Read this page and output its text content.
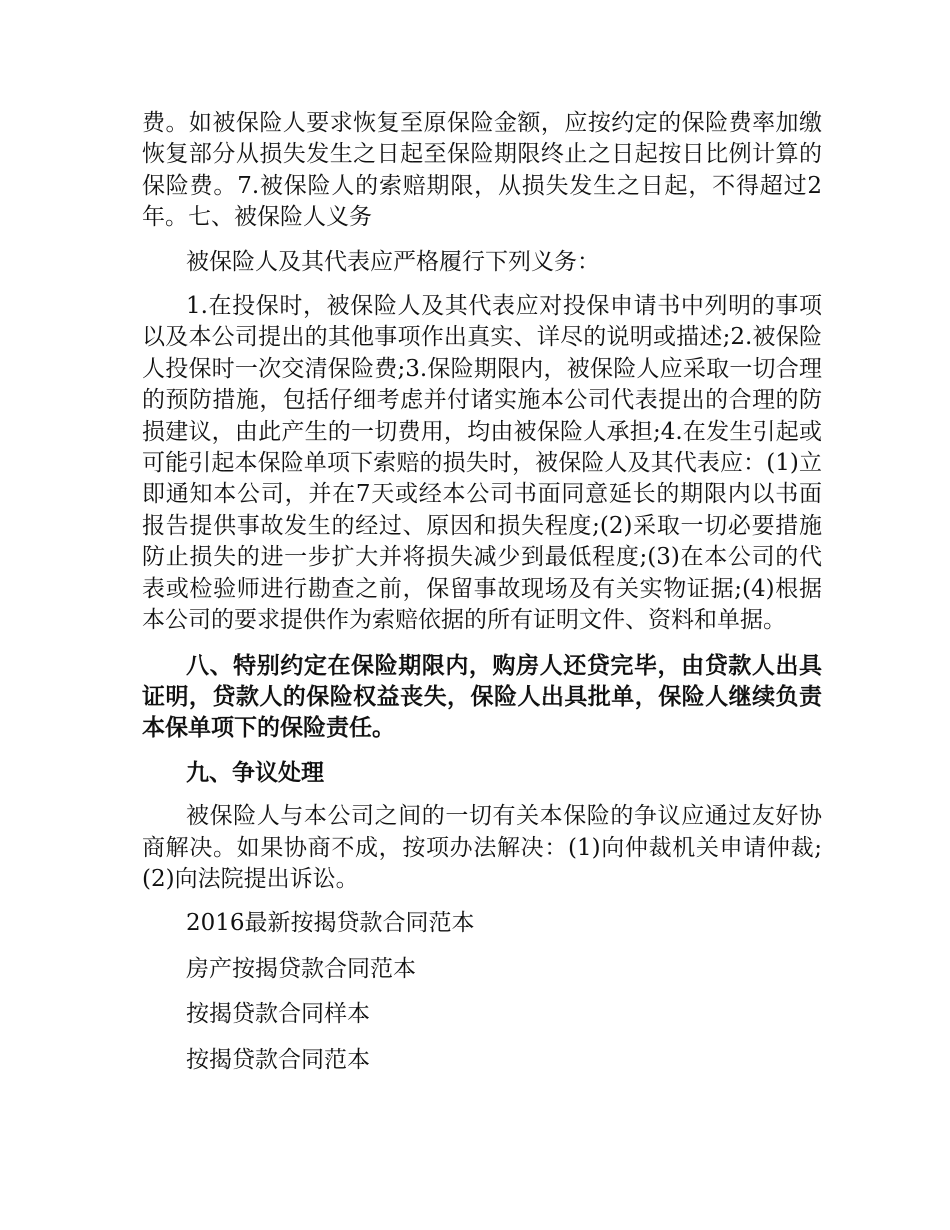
费。如被保险人要求恢复至原保险金额，应按约定的保险费率加缴恢复部分从损失发生之日起至保险期限终止之日起按日比例计算的保险费。7.被保险人的索赔期限，从损失发生之日起，不得超过2年。七、被保险人义务

被保险人及其代表应严格履行下列义务：

1.在投保时，被保险人及其代表应对投保申请书中列明的事项以及本公司提出的其他事项作出真实、详尽的说明或描述;2.被保险人投保时一次交清保险费;3.保险期限内，被保险人应采取一切合理的预防措施，包括仔细考虑并付诸实施本公司代表提出的合理的防损建议，由此产生的一切费用，均由被保险人承担;4.在发生引起或可能引起本保险单项下索赔的损失时，被保险人及其代表应：(1)立即通知本公司，并在7天或经本公司书面同意延长的期限内以书面报告提供事故发生的经过、原因和损失程度;(2)采取一切必要措施防止损失的进一步扩大并将损失减少到最低程度;(3)在本公司的代表或检验师进行勘查之前，保留事故现场及有关实物证据;(4)根据本公司的要求提供作为索赔依据的所有证明文件、资料和单据。

八、特别约定在保险期限内，购房人还贷完毕，由贷款人出具证明，贷款人的保险权益丧失，保险人出具批单，保险人继续负责本保单项下的保险责任。

九、争议处理

被保险人与本公司之间的一切有关本保险的争议应通过友好协商解决。如果协商不成，按项办法解决：(1)向仲裁机关申请仲裁;(2)向法院提出诉讼。

2016最新按揭贷款合同范本

房产按揭贷款合同范本

按揭贷款合同样本

按揭贷款合同范本
